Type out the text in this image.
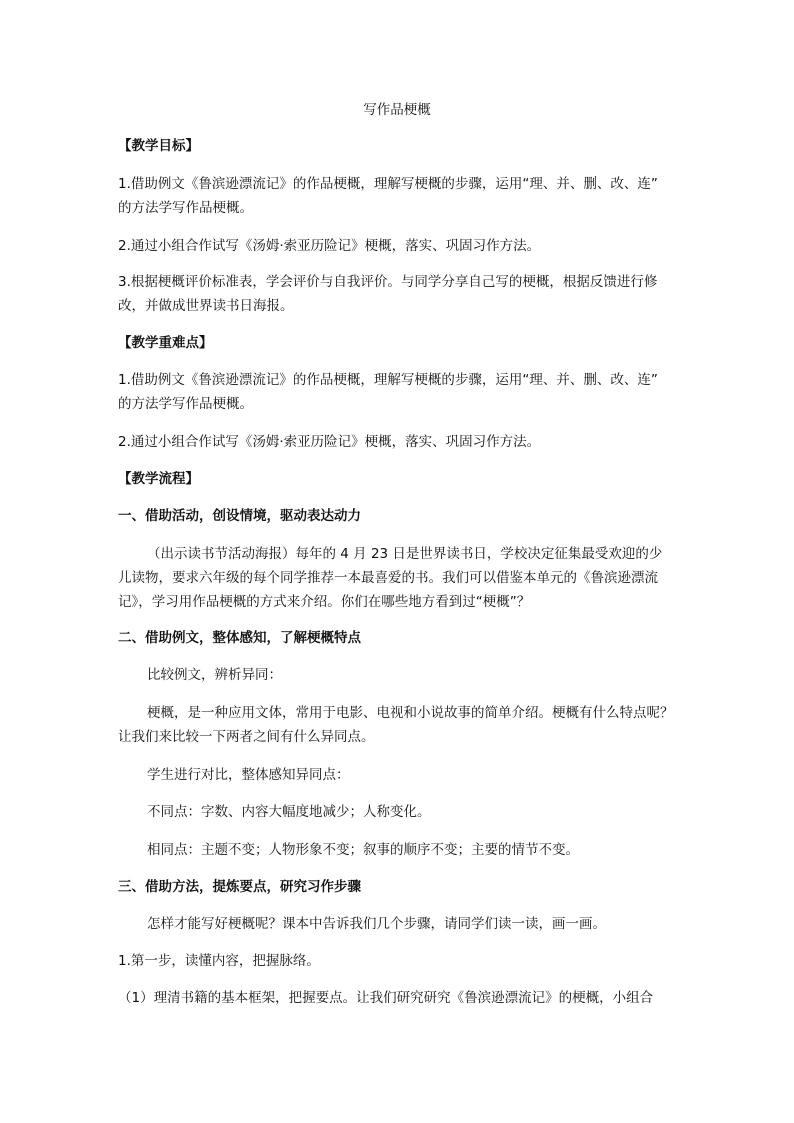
写作品梗概
【教学目标】
1.借助例文《鲁滨逊漂流记》的作品梗概，理解写梗概的步骤，运用“理、并、删、改、连”
的方法学写作品梗概。
2.通过小组合作试写《汤姆·索亚历险记》梗概，落实、巩固习作方法。
3.根据梗概评价标准表，学会评价与自我评价。与同学分享自己写的梗概，根据反馈进行修
改，并做成世界读书日海报。
【教学重难点】
1.借助例文《鲁滨逊漂流记》的作品梗概，理解写梗概的步骤，运用“理、并、删、改、连”
的方法学写作品梗概。
2.通过小组合作试写《汤姆·索亚历险记》梗概，落实、巩固习作方法。
【教学流程】
一、借助活动，创设情境，驱动表达动力
（出示读书节活动海报）每年的 4 月 23 日是世界读书日，学校决定征集最受欢迎的少
儿读物，要求六年级的每个同学推荐一本最喜爱的书。我们可以借鉴本单元的《鲁滨逊漂流
记》，学习用作品梗概的方式来介绍。你们在哪些地方看到过“梗概”？
二、借助例文，整体感知，了解梗概特点
比较例文，辨析异同：
梗概，是一种应用文体，常用于电影、电视和小说故事的简单介绍。梗概有什么特点呢？
让我们来比较一下两者之间有什么异同点。
学生进行对比，整体感知异同点：
不同点：字数、内容大幅度地减少；人称变化。
相同点：主题不变；人物形象不变；叙事的顺序不变；主要的情节不变。
三、借助方法，提炼要点，研究习作步骤
怎样才能写好梗概呢？课本中告诉我们几个步骤，请同学们读一读，画一画。
1.第一步，读懂内容，把握脉络。
（1）理清书籍的基本框架，把握要点。让我们研究研究《鲁滨逊漂流记》的梗概，小组合
